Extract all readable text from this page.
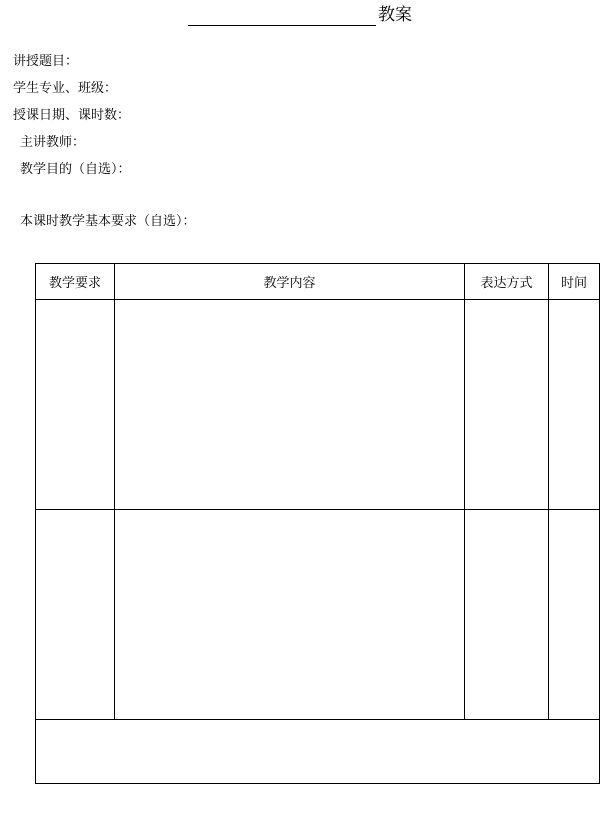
教案
讲授题目：
学生专业、班级：
授课日期、课时数：
主讲教师：
教学目的（自选）：
本课时教学基本要求（自选）：
教学要求	教学内容	表达方式	时间
